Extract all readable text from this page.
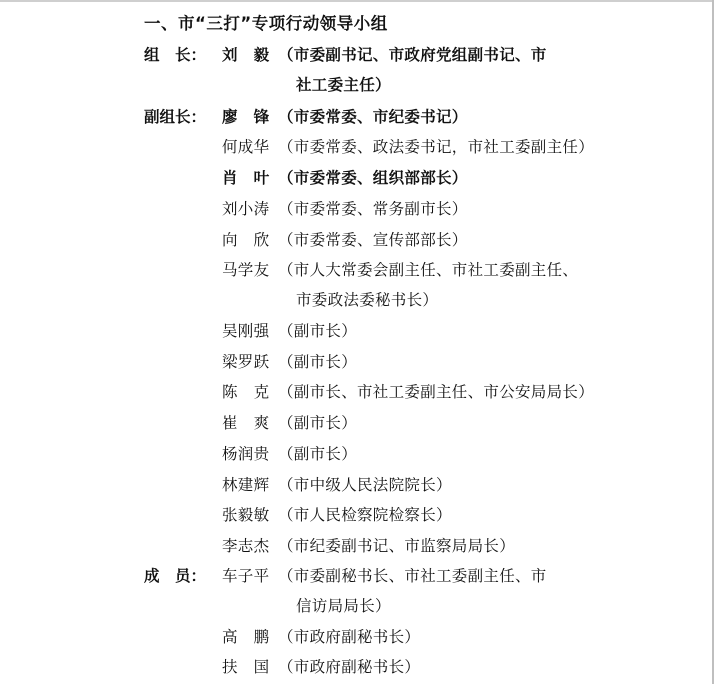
一、市“三打”专项行动领导小组
组　长： 刘　毅 （市委副书记、市政府党组副书记、市
社工委主任）
副组长： 廖　锋 （市委常委、市纪委书记）
何成华 （市委常委、政法委书记，市社工委副主任）
肖　叶 （市委常委、组织部部长）
刘小涛 （市委常委、常务副市长）
向　欣 （市委常委、宣传部部长）
马学友 （市人大常委会副主任、市社工委副主任、
市委政法委秘书长）
吴刚强 （副市长）
梁罗跃 （副市长）
陈　克 （副市长、市社工委副主任、市公安局局长）
崔　爽 （副市长）
杨润贵 （副市长）
林建辉 （市中级人民法院院长）
张毅敏 （市人民检察院检察长）
李志杰 （市纪委副书记、市监察局局长）
成　员： 车子平 （市委副秘书长、市社工委副主任、市
信访局局长）
高　鹏 （市政府副秘书长）
扶　国 （市政府副秘书长）
